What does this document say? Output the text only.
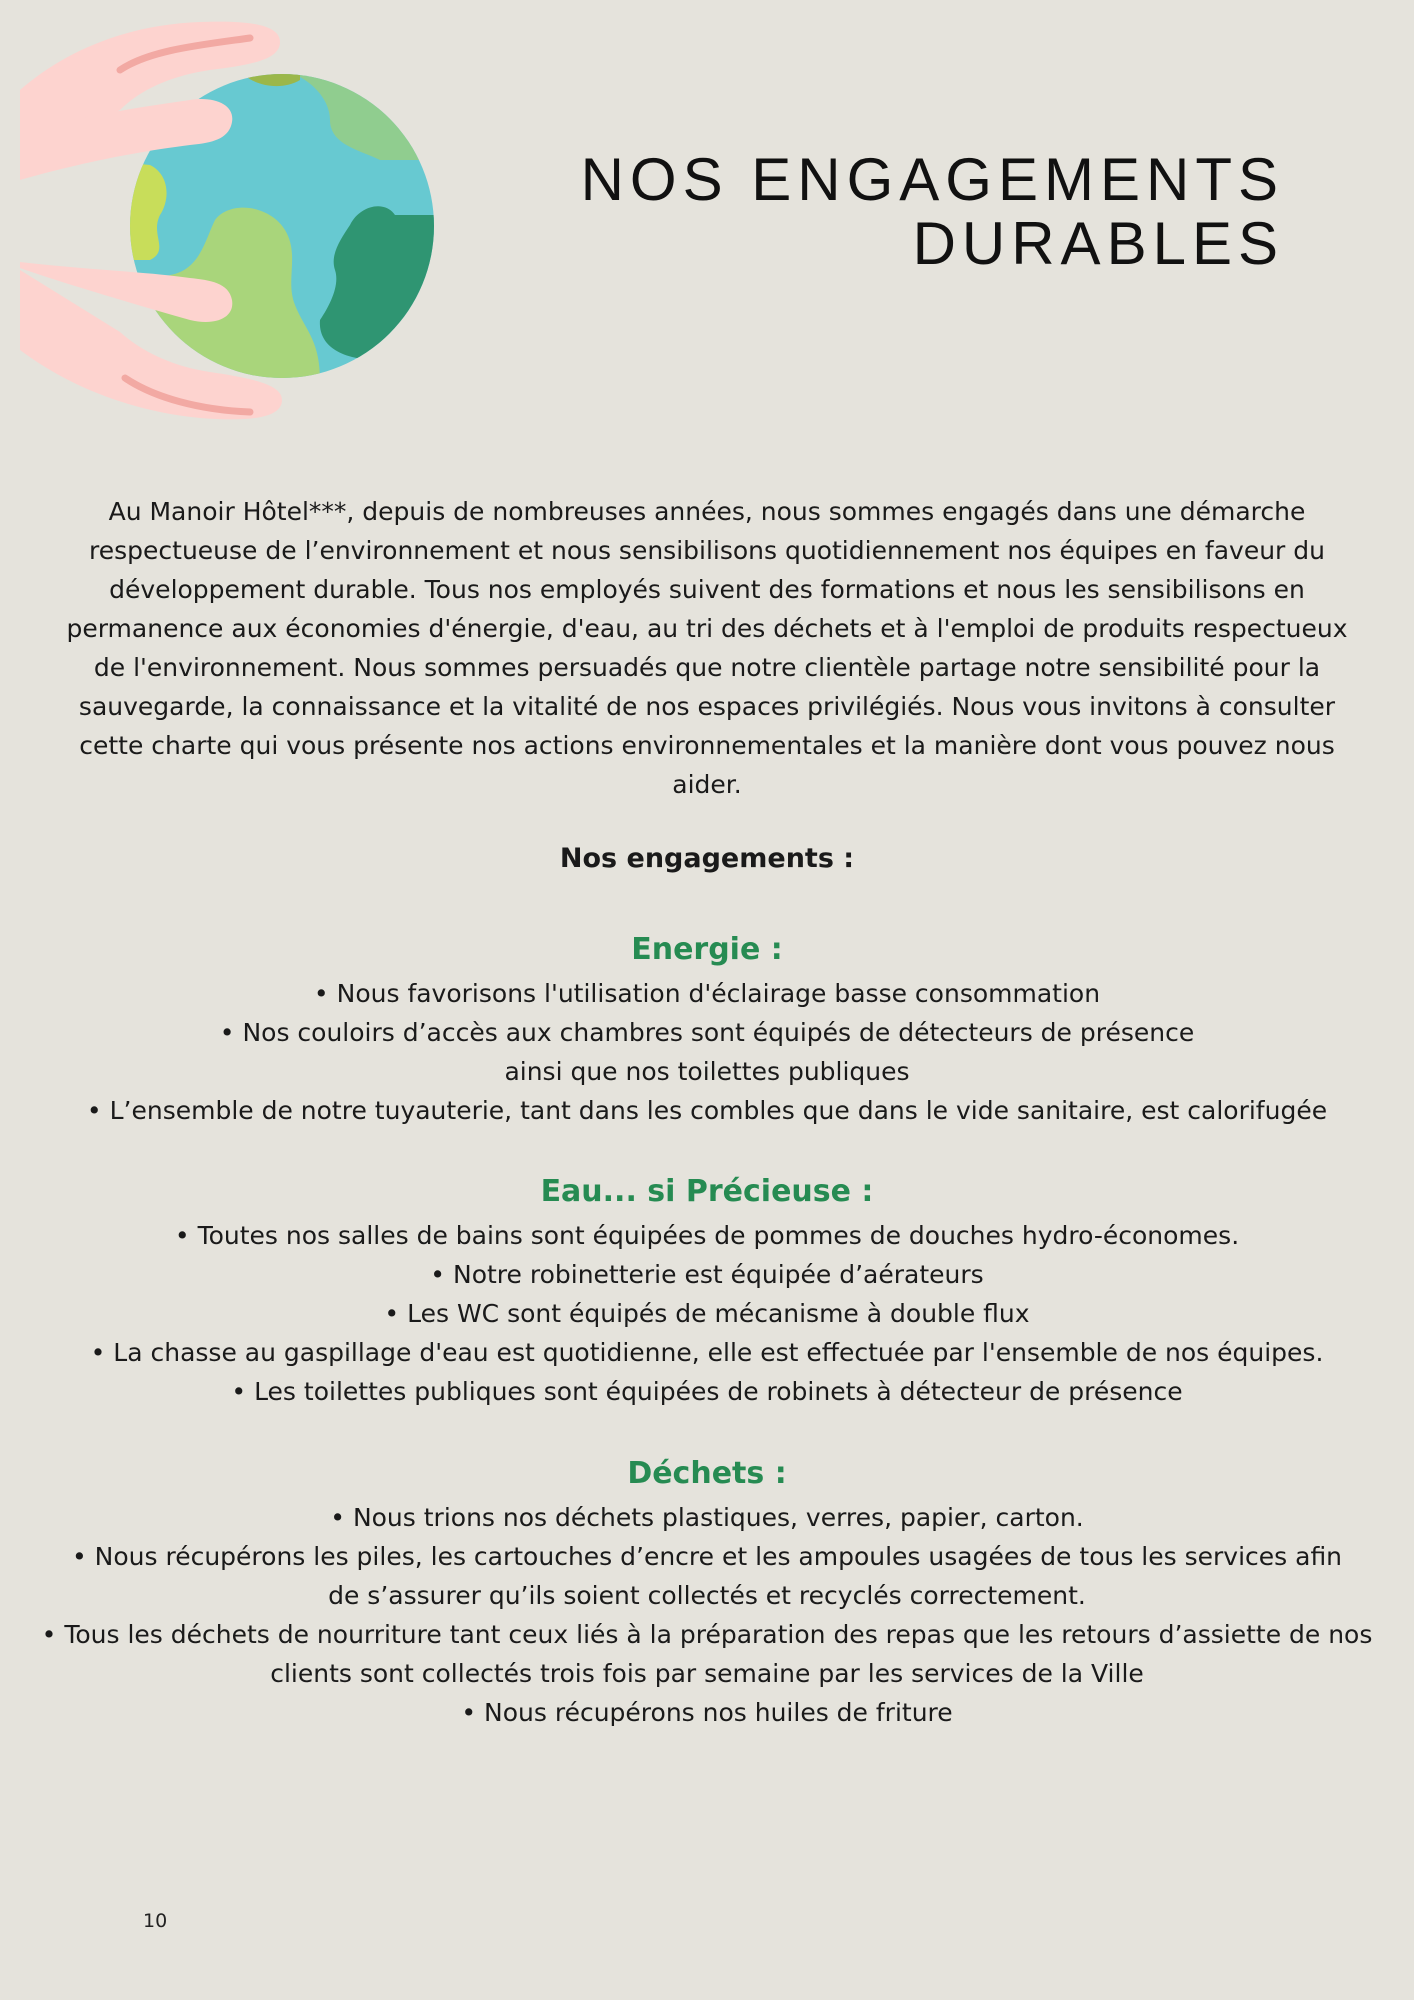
NOS ENGAGEMENTS
DURABLES

Au Manoir Hôtel***, depuis de nombreuses années, nous sommes engagés dans une démarche respectueuse de l’environnement et nous sensibilisons quotidiennement nos équipes en faveur du développement durable. Tous nos employés suivent des formations et nous les sensibilisons en permanence aux économies d'énergie, d'eau, au tri des déchets et à l'emploi de produits respectueux de l'environnement. Nous sommes persuadés que notre clientèle partage notre sensibilité pour la sauvegarde, la connaissance et la vitalité de nos espaces privilégiés. Nous vous invitons à consulter cette charte qui vous présente nos actions environnementales et la manière dont vous pouvez nous aider.

Nos engagements :
Energie :
• Nous favorisons l'utilisation d'éclairage basse consommation
• Nos couloirs d’accès aux chambres sont équipés de détecteurs de présence ainsi que nos toilettes publiques
• L’ensemble de notre tuyauterie, tant dans les combles que dans le vide sanitaire, est calorifugée
Eau... si Précieuse :
• Toutes nos salles de bains sont équipées de pommes de douches hydro-économes.
• Notre robinetterie est équipée d’aérateurs
• Les WC sont équipés de mécanisme à double flux
• La chasse au gaspillage d'eau est quotidienne, elle est effectuée par l'ensemble de nos équipes.
• Les toilettes publiques sont équipées de robinets à détecteur de présence
Déchets :
• Nous trions nos déchets plastiques, verres, papier, carton.
• Nous récupérons les piles, les cartouches d’encre et les ampoules usagées de tous les services afin de s’assurer qu’ils soient collectés et recyclés correctement.
• Tous les déchets de nourriture tant ceux liés à la préparation des repas que les retours d’assiette de nos clients sont collectés trois fois par semaine par les services de la Ville
• Nous récupérons nos huiles de friture
10
